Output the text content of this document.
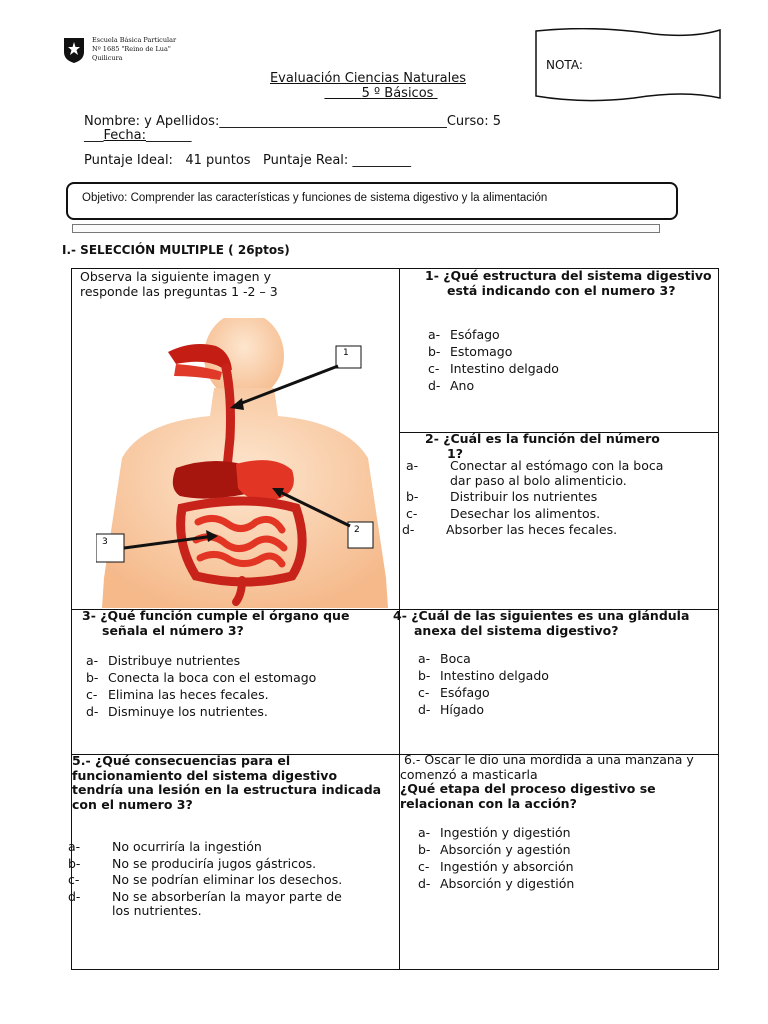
Escuela Básica Particular
Nº 1685 "Reino de Lua"
Quilicura	NOTA:
Evaluación Ciencias Naturales
5 º Básicos
Nombre: y Apellidos:___________________________________Curso: 5
___Fecha:_______
Puntaje Ideal: 41 puntos Puntaje Real: _________
Objetivo: Comprender las características y funciones de sistema digestivo y la alimentación
I.- SELECCIÓN MULTIPLE ( 26ptos)
Observa la siguiente imagen y responde las preguntas 1 -2 – 3
1
2
3
1- ¿Qué estructura del sistema digestivo está indicando con el numero 3?
a- Esófago
b- Estomago
c- Intestino delgado
d- Ano
2- ¿Cuál es la función del número 1?
a-	Conectar al estómago con la boca dar paso al bolo alimenticio.
b-	Distribuir los nutrientes
c-	Desechar los alimentos.
d-	Absorber las heces fecales.
3- ¿Qué función cumple el órgano que señala el número 3?
a- Distribuye nutrientes
b- Conecta la boca con el estomago
c- Elimina las heces fecales.
d- Disminuye los nutrientes.
4- ¿Cuál de las siguientes es una glándula anexa del sistema digestivo?
a- Boca
b- Intestino delgado
c- Esófago
d- Hígado
5.- ¿Qué consecuencias para el funcionamiento del sistema digestivo tendría una lesión en la estructura indicada con el numero 3?
a-	No ocurriría la ingestión
b-	No se produciría jugos gástricos.
c-	No se podrían eliminar los desechos.
d-	No se absorberían la mayor parte de los nutrientes.
6.- Oscar le dio una mordida a una manzana y comenzó a masticarla
¿Qué etapa del proceso digestivo se relacionan con la acción?
a- Ingestión y digestión
b- Absorción y agestión
c- Ingestión y absorción
d- Absorción y digestión
